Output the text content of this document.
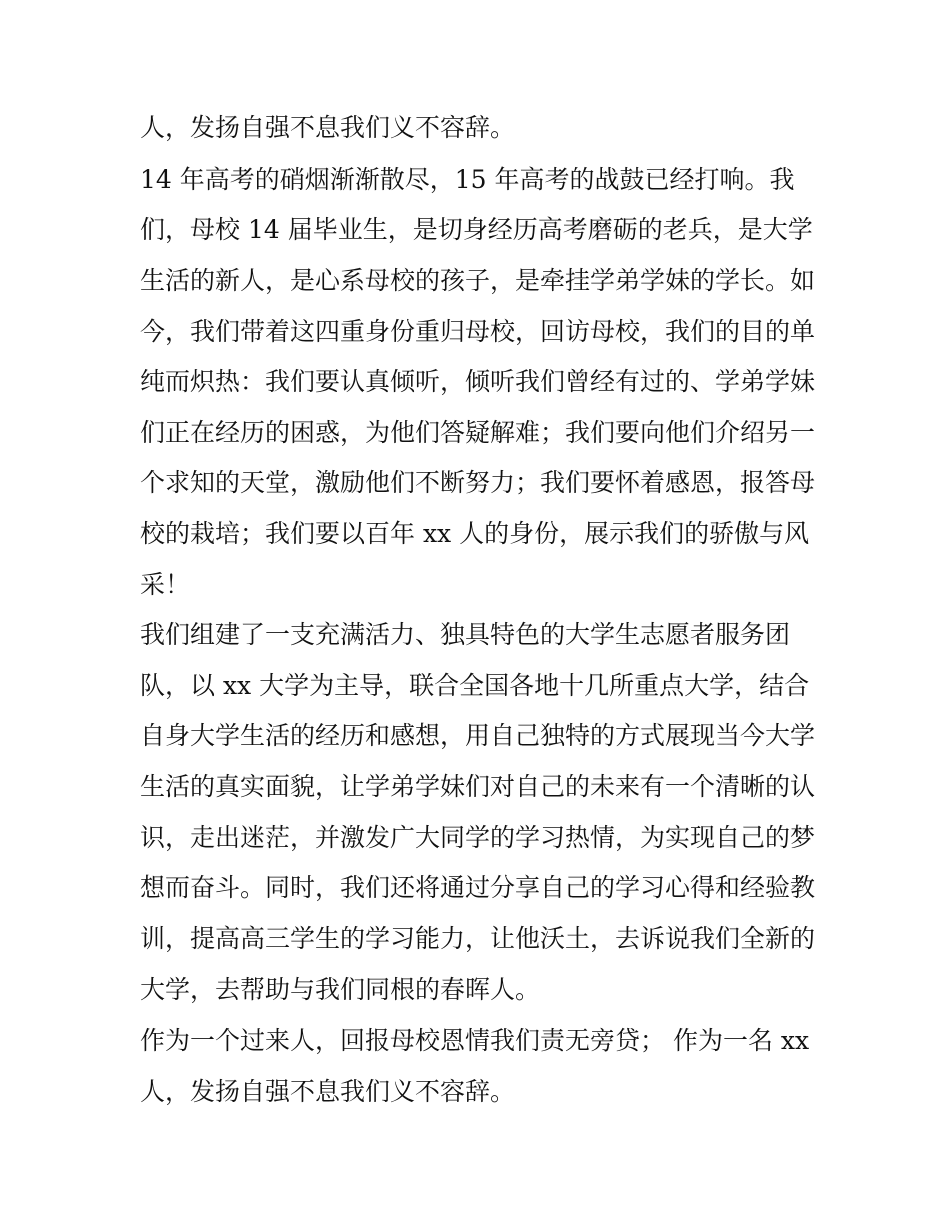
人，发扬自强不息我们义不容辞。
14 年高考的硝烟渐渐散尽，15 年高考的战鼓已经打响。我
们，母校 14 届毕业生，是切身经历高考磨砺的老兵，是大学
生活的新人，是心系母校的孩子，是牵挂学弟学妹的学长。如
今，我们带着这四重身份重归母校，回访母校，我们的目的单
纯而炽热：我们要认真倾听，倾听我们曾经有过的、学弟学妹
们正在经历的困惑，为他们答疑解难；我们要向他们介绍另一
个求知的天堂，激励他们不断努力；我们要怀着感恩，报答母
校的栽培；我们要以百年 xx 人的身份，展示我们的骄傲与风
采！
我们组建了一支充满活力、独具特色的大学生志愿者服务团
队，以 xx 大学为主导，联合全国各地十几所重点大学，结合
自身大学生活的经历和感想，用自己独特的方式展现当今大学
生活的真实面貌，让学弟学妹们对自己的未来有一个清晰的认
识，走出迷茫，并激发广大同学的学习热情，为实现自己的梦
想而奋斗。同时，我们还将通过分享自己的学习心得和经验教
训，提高高三学生的学习能力，让他沃土，去诉说我们全新的
大学，去帮助与我们同根的春晖人。
作为一个过来人，回报母校恩情我们责无旁贷； 作为一名 xx
人，发扬自强不息我们义不容辞。
